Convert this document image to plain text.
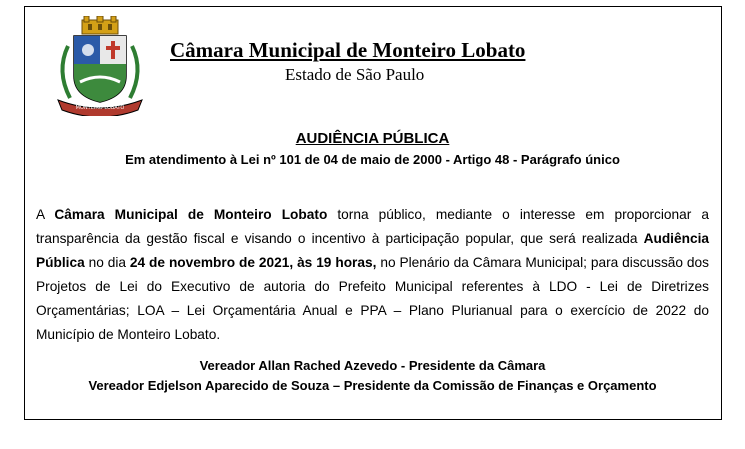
MONTEIRO LOBATO
Câmara Municipal de Monteiro Lobato
Estado de São Paulo
AUDIÊNCIA PÚBLICA
Em atendimento à Lei nº 101 de 04 de maio de 2000 - Artigo 48 - Parágrafo único
A Câmara Municipal de Monteiro Lobato torna público, mediante o interesse em proporcionar a transparência da gestão fiscal e visando o incentivo à participação popular, que será realizada Audiência Pública no dia 24 de novembro de 2021, às 19 horas, no Plenário da Câmara Municipal; para discussão dos Projetos de Lei do Executivo de autoria do Prefeito Municipal referentes à LDO - Lei de Diretrizes Orçamentárias; LOA – Lei Orçamentária Anual e PPA – Plano Plurianual para o exercício de 2022 do Município de Monteiro Lobato.
Vereador Allan Rached Azevedo - Presidente da Câmara
Vereador Edjelson Aparecido de Souza – Presidente da Comissão de Finanças e Orçamento
